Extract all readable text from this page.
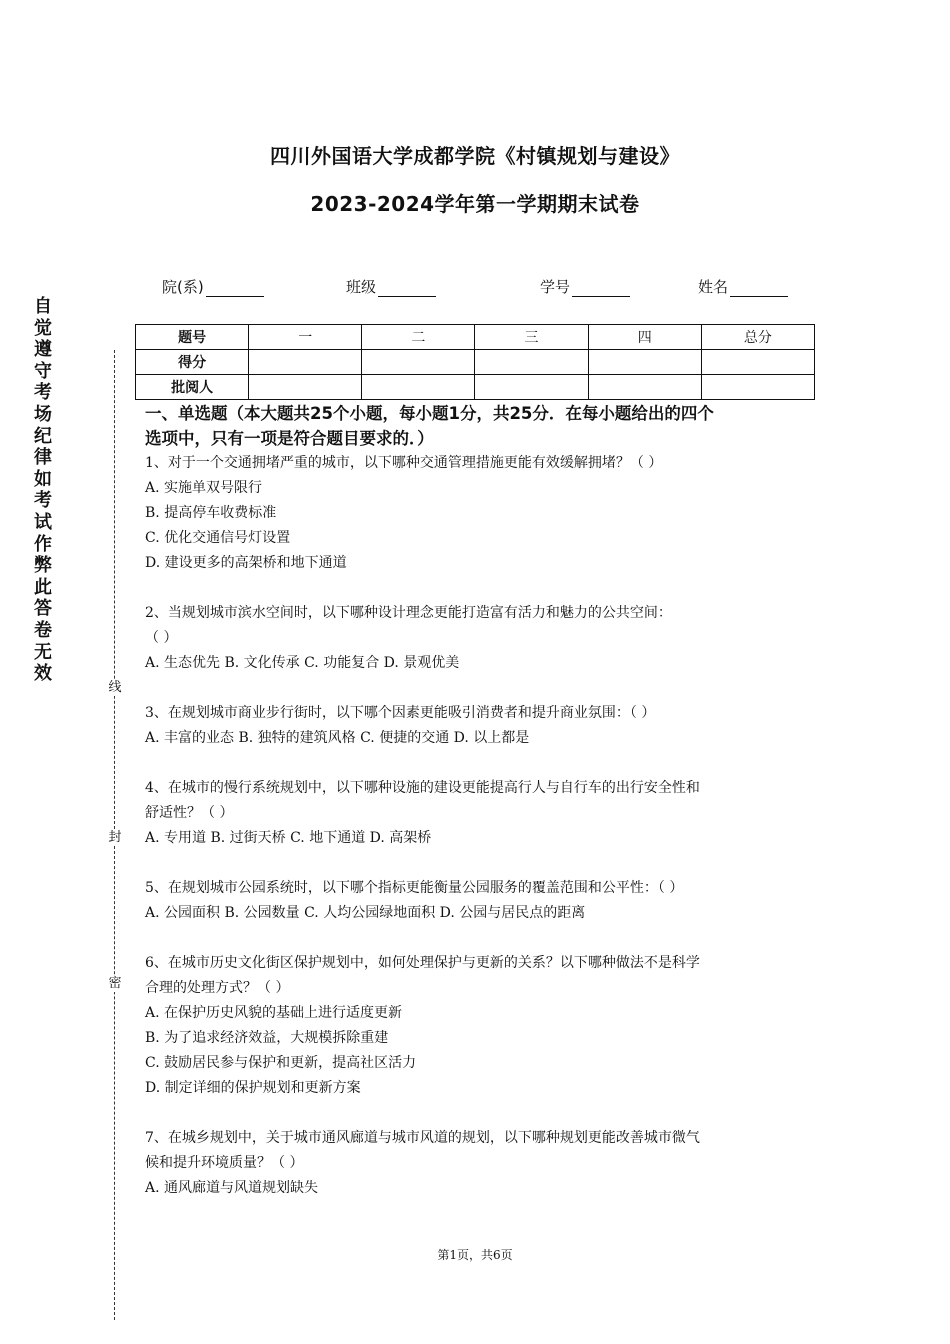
四川外国语大学成都学院《村镇规划与建设》
2023-2024学年第一学期期末试卷
院(系)	班级	学号	姓名
题号	一	二	三	四	总分
得分					
批阅人					
自
觉
遵
守
考
场
纪
律
如
考
试
作
弊
此
答
卷
无
效
线
封
密

一、单选题（本大题共25个小题，每小题1分，共25分．在每小题给出的四个

选项中，只有一项是符合题目要求的．）

1、对于一个交通拥堵严重的城市，以下哪种交通管理措施更能有效缓解拥堵？（ ）

A. 实施单双号限行

B. 提高停车收费标准

C. 优化交通信号灯设置

D. 建设更多的高架桥和地下通道

2、当规划城市滨水空间时，以下哪种设计理念更能打造富有活力和魅力的公共空间：

（ ）

A. 生态优先 B. 文化传承 C. 功能复合 D. 景观优美

3、在规划城市商业步行街时，以下哪个因素更能吸引消费者和提升商业氛围：（ ）

A. 丰富的业态 B. 独特的建筑风格 C. 便捷的交通 D. 以上都是

4、在城市的慢行系统规划中，以下哪种设施的建设更能提高行人与自行车的出行安全性和

舒适性？（ ）

A. 专用道 B. 过街天桥 C. 地下通道 D. 高架桥

5、在规划城市公园系统时，以下哪个指标更能衡量公园服务的覆盖范围和公平性：（ ）

A. 公园面积 B. 公园数量 C. 人均公园绿地面积 D. 公园与居民点的距离

6、在城市历史文化街区保护规划中，如何处理保护与更新的关系？以下哪种做法不是科学

合理的处理方式？（ ）

A. 在保护历史风貌的基础上进行适度更新

B. 为了追求经济效益，大规模拆除重建

C. 鼓励居民参与保护和更新，提高社区活力

D. 制定详细的保护规划和更新方案

7、在城乡规划中，关于城市通风廊道与城市风道的规划，以下哪种规划更能改善城市微气

候和提升环境质量？（ ）

A. 通风廊道与风道规划缺失

第1页，共6页
